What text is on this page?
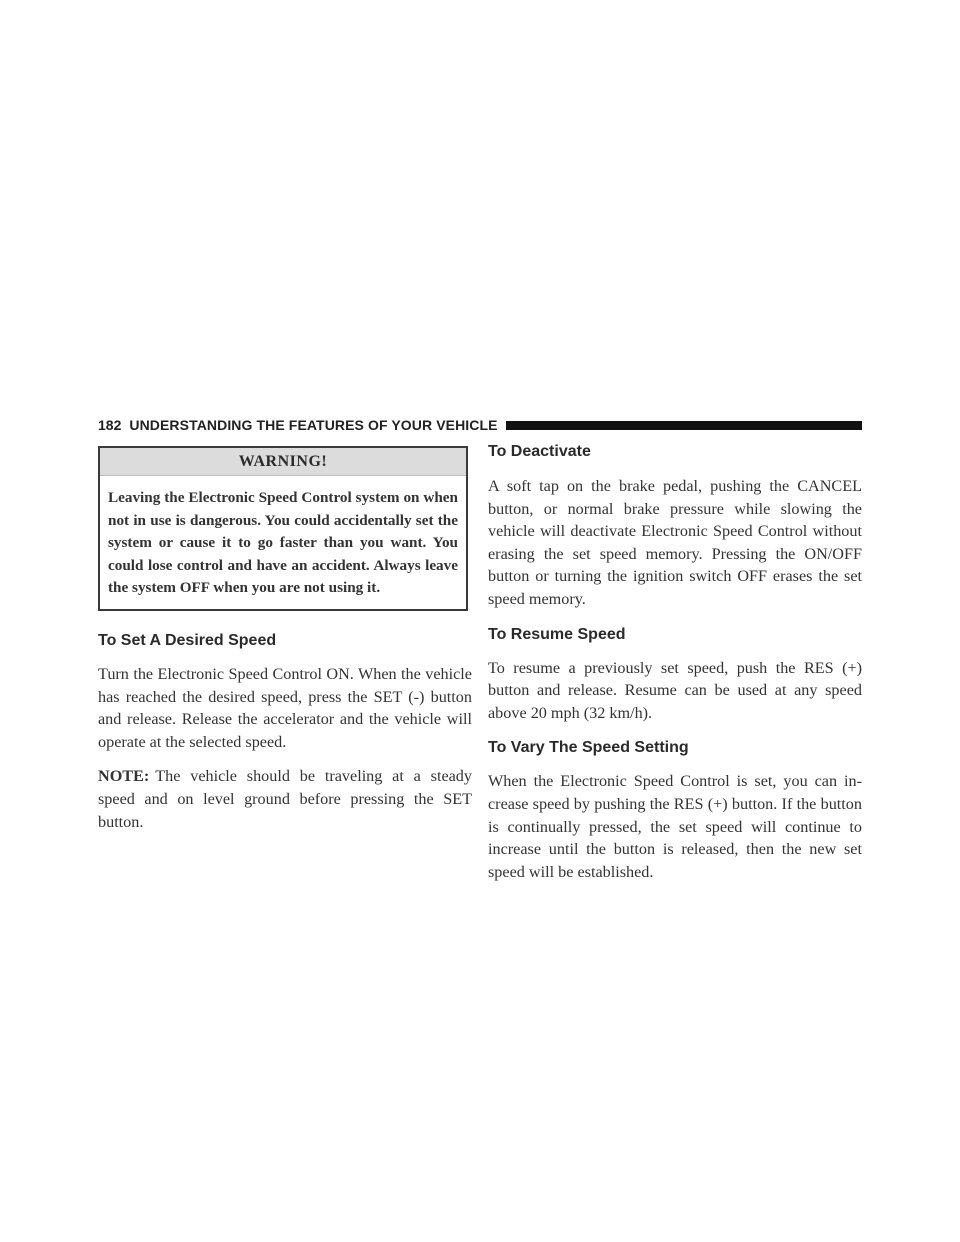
182 UNDERSTANDING THE FEATURES OF YOUR VEHICLE
WARNING!
Leaving the Electronic Speed Control system on when not in use is dangerous. You could accidentally set the system or cause it to go faster than you want. You could lose control and have an accident. Always leave the system OFF when you are not using it.
To Set A Desired Speed

Turn the Electronic Speed Control ON. When the vehicle has reached the desired speed, press the SET (-) button and release. Release the accelerator and the vehicle will operate at the selected speed.

NOTE: The vehicle should be traveling at a steady speed and on level ground before pressing the SET button.

To Deactivate

A soft tap on the brake pedal, pushing the CANCEL button, or normal brake pressure while slowing the vehicle will deactivate Electronic Speed Control without erasing the set speed memory. Pressing the ON/OFF button or turning the ignition switch OFF erases the set speed memory.

To Resume Speed

To resume a previously set speed, push the RES (+) button and release. Resume can be used at any speed above 20 mph (32 km/h).

To Vary The Speed Setting

When the Electronic Speed Control is set, you can in-crease speed by pushing the RES (+) button. If the button is continually pressed, the set speed will continue to increase until the button is released, then the new set speed will be established.
